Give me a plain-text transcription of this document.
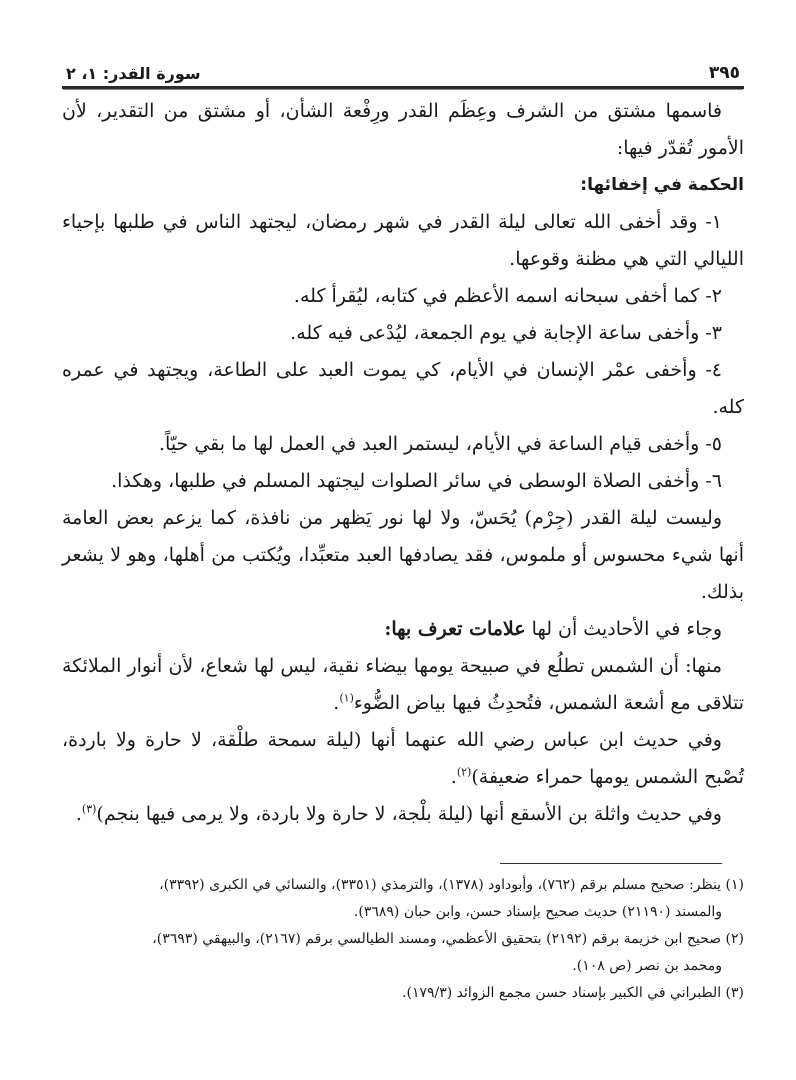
٣٩٥
سورة القدر: ١، ٢

فاسمها مشتق من الشرف وعِظَم القدر ورِفْعة الشأن، أو مشتق من التقدير، لأن الأمور تُقدّر فيها:

الحكمة في إخفائها:

١- وقد أخفى الله تعالى ليلة القدر في شهر رمضان، ليجتهد الناس في طلبها بإحياء الليالي التي هي مظنة وقوعها.

٢- كما أخفى سبحانه اسمه الأعظم في كتابه، ليُقرأ كله.

٣- وأخفى ساعة الإجابة في يوم الجمعة، ليُدْعى فيه كله.

٤- وأخفى عمْر الإنسان في الأيام، كي يموت العبد على الطاعة، ويجتهد في عمره كله.

٥- وأخفى قيام الساعة في الأيام، ليستمر العبد في العمل لها ما بقي حيّاً.

٦- وأخفى الصلاة الوسطى في سائر الصلوات ليجتهد المسلم في طلبها، وهكذا.

وليست ليلة القدر (جِرْم) يُحَسّ، ولا لها نور يَظهر من نافذة، كما يزعم بعض العامة أنها شيء محسوس أو ملموس، فقد يصادفها العبد متعبِّدا، ويُكتب من أهلها، وهو لا يشعر بذلك.

وجاء في الأحاديث أن لها علامات تعرف بها:

منها: أن الشمس تطلُع في صبيحة يومها بيضاء نقية، ليس لها شعاع، لأن أنوار الملائكة تتلاقى مع أشعة الشمس، فتُحدِثُ فيها بياض الضُّوء$^{(١)}$.

وفي حديث ابن عباس رضي الله عنهما أنها (ليلة سمحة طلْقة، لا حارة ولا باردة، تُصْبح الشمس يومها حمراء ضعيفة)$^{(٢)}$.

وفي حديث واثلة بن الأسقع أنها (ليلة بلْجة، لا حارة ولا باردة، ولا يرمى فيها بنجم)$^{(٣)}$.

(١) ينظر: صحيح مسلم برقم (٧٦٢)، وأبوداود (١٣٧٨)، والترمذي (٣٣٥١)، والنسائي في الكبرى (٣٣٩٢)،

والمسند (٢١١٩٠) حديث صحيح بإسناد حسن، وابن حبان (٣٦٨٩).

(٢) صحيح ابن خزيمة برقم (٢١٩٢) بتحقيق الأعظمي، ومسند الطيالسي برقم (٢١٦٧)، والبيهقي (٣٦٩٣)،

ومحمد بن نصر (ص ١٠٨).

(٣) الطبراني في الكبير بإسناد حسن مجمع الزوائد (١٧٩/٣).
